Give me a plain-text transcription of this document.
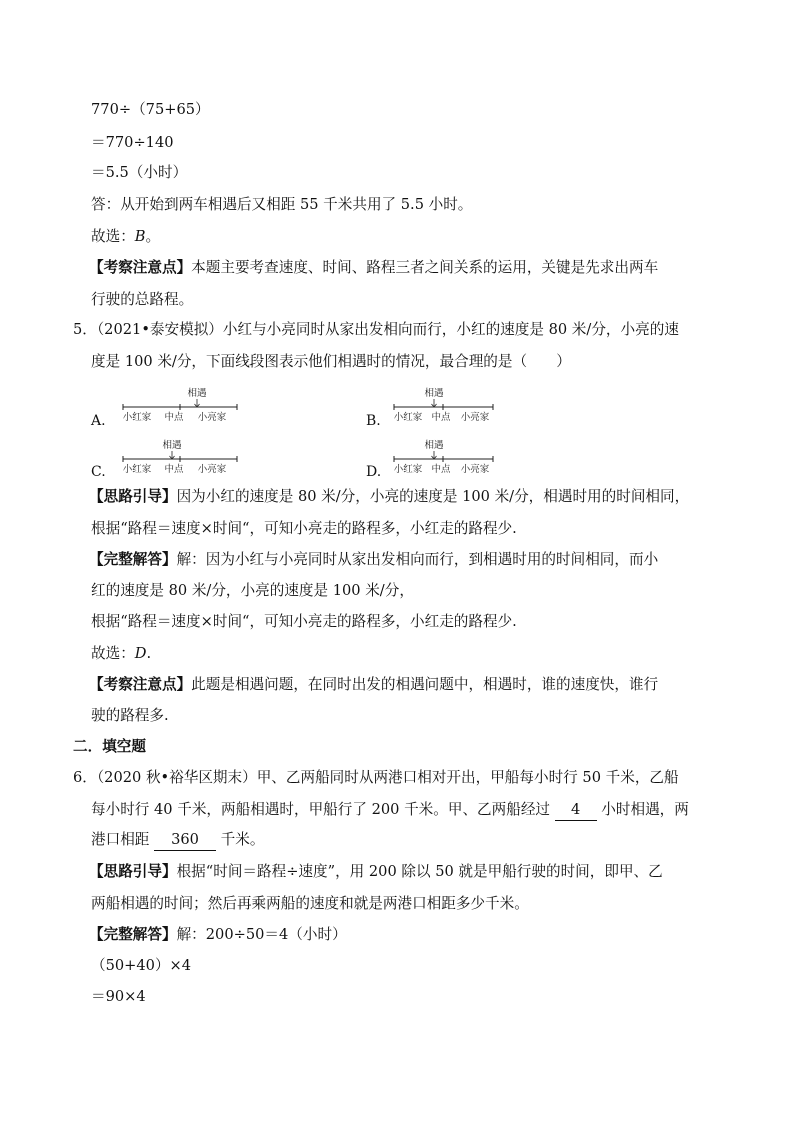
770÷（75+65）

＝770÷140

＝5.5（小时）

答：从开始到两车相遇后又相距 55 千米共用了 5.5 小时。

故选：B。

【考察注意点】本题主要考查速度、时间、路程三者之间关系的运用，关键是先求出两车

行驶的总路程。

5．（2021•泰安模拟）小红与小亮同时从家出发相向而行，小红的速度是 80 米/分，小亮的速

度是 100 米/分，下面线段图表示他们相遇时的情况，最合理的是（　　）

A.
相遇
小红家 中点 小亮家	B.
相遇
小红家 中点 小亮家
C.
相遇
小红家 中点 小亮家	D.
相遇
小红家 中点 小亮家

【思路引导】因为小红的速度是 80 米/分，小亮的速度是 100 米/分，相遇时用的时间相同，

根据“路程＝速度×时间“，可知小亮走的路程多，小红走的路程少.

【完整解答】解：因为小红与小亮同时从家出发相向而行，到相遇时用的时间相同，而小

红的速度是 80 米/分，小亮的速度是 100 米/分，

根据“路程＝速度×时间“，可知小亮走的路程多，小红走的路程少.

故选：D.

【考察注意点】此题是相遇问题，在同时出发的相遇问题中，相遇时，谁的速度快，谁行

驶的路程多.

二．填空题

6．（2020 秋•裕华区期末）甲、乙两船同时从两港口相对开出，甲船每小时行 50 千米，乙船

每小时行 40 千米，两船相遇时，甲船行了 200 千米。甲、乙两船经过 4 小时相遇，两

港口相距 360 千米。

【思路引导】根据“时间＝路程÷速度”，用 200 除以 50 就是甲船行驶的时间，即甲、乙

两船相遇的时间；然后再乘两船的速度和就是两港口相距多少千米。

【完整解答】解：200÷50＝4（小时）

（50+40）×4

＝90×4
